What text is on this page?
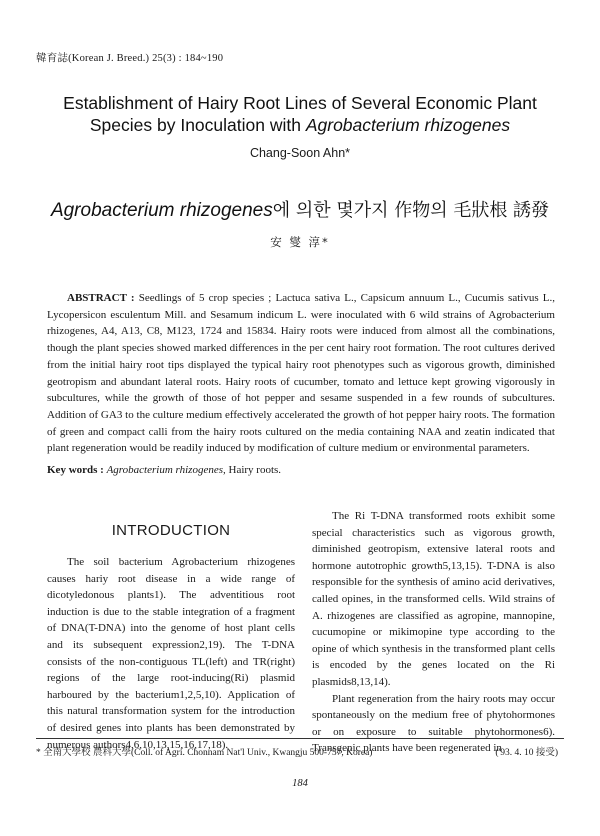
韓育誌(Korean J. Breed.) 25(3) : 184~190
Establishment of Hairy Root Lines of Several Economic Plant
Species by Inoculation with Agrobacterium rhizogenes
Chang-Soon Ahn*
Agrobacterium rhizogenes에 의한 몇가지 作物의 毛狀根 誘發
安 燮 淳*
ABSTRACT : Seedlings of 5 crop species ; Lactuca sativa L., Capsicum annuum L., Cucumis sativus L., Lycopersicon esculentum Mill. and Sesamum indicum L. were inoculated with 6 wild strains of Agrobacterium rhizogenes, A4, A13, C8, M123, 1724 and 15834. Hairy roots were induced from almost all the combinations, though the plant species showed marked differences in the per cent hairy root formation. The root cultures derived from the initial hairy root tips displayed the typical hairy root phenotypes such as vigorous growth, diminished geotropism and abundant lateral roots. Hairy roots of cucumber, tomato and lettuce kept growing vigorously in subcultures, while the growth of those of hot pepper and sesame suspended in a few rounds of subcultures. Addition of GA3 to the culture medium effectively accelerated the growth of hot pepper hairy roots. The formation of green and compact calli from the hairy roots cultured on the media containing NAA and zeatin indicated that plant regeneration would be readily induced by modification of culture medium or environmental parameters.
Key words : Agrobacterium rhizogenes, Hairy roots.
INTRODUCTION

The soil bacterium Agrobacterium rhizogenes causes hariy root disease in a wide range of dicotyledonous plants1). The adventitious root induction is due to the stable integration of a fragment of DNA(T-DNA) into the genome of host plant cells and its subsequent expression2,19). The T-DNA consists of the non-contiguous TL(left) and TR(right) regions of the large root-inducing(Ri) plasmid harboured by the bacterium1,2,5,10). Application of this natural transformation system for the introduction of desired genes into plants has been demonstrated by numerous authors4,6,10,13,15,16,17,18).

The Ri T-DNA transformed roots exhibit some special characteristics such as vigorous growth, diminished geotropism, extensive lateral roots and hormone autotrophic growth5,13,15). T-DNA is also responsible for the synthesis of amino acid derivatives, called opines, in the transformed cells. Wild strains of A. rhizogenes are classified as agropine, mannopine, cucumopine or mikimopine type according to the opine of which synthesis in the transformed plant cells is encoded by the genes located on the Ri plasmids8,13,14).

Plant regeneration from the hairy roots may occur spontaneously on the medium free of phytohormones or on exposure to suitable phytohormones6). Transgenic plants have been regenerated in

* 全南大學校 農科大學(Coll. of Agri. Chonnam Nat'l Univ., Kwangju 500-757, Korea)	('93. 4. 10 接受)
184
